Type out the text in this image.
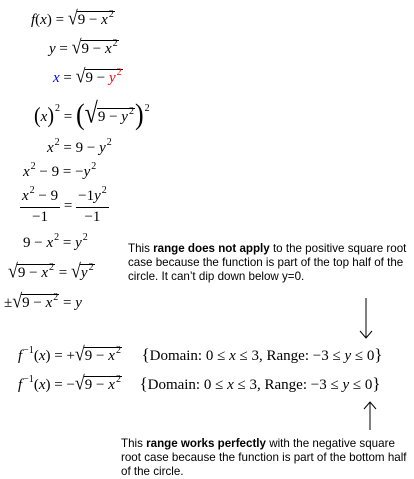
$f(x) = √9 - x^2$
$y = √9 - x^2$
$x = √9 - y^2$
$(x)^2 = (√9 - y^2)^2$
$x^2 = 9 - y^2$
$x^2 - 9 = -y^2$
$\frac{x^2 - 9}{-1} = \frac{-1y^2}{-1}$
$9 - x^2 = y^2$
$√9 - x^2 = √y^2$
$\pm√9 - x^2 = y$
This range does not apply to the positive square root case because the function is part of the top half of the circle. It can’t dip down below y=0.
$f^{-1}(x) = +√9 - x^2$ {Domain: 0 ≤ x ≤ 3, Range: −3 ≤ y ≤ 0}
$f^{-1}(x) = -√9 - x^2$ {Domain: 0 ≤ x ≤ 3, Range: −3 ≤ y ≤ 0}
This range works perfectly with the negative square root case because the function is part of the bottom half of the circle.
